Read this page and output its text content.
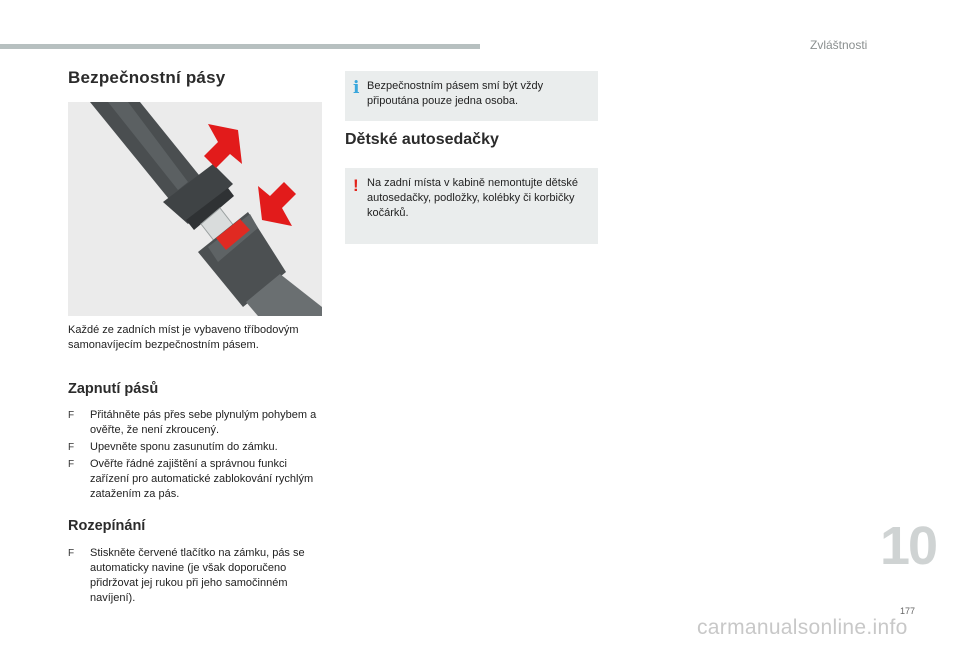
Zvláštnosti
Bezpečnostní pásy

Každé ze zadních míst je vybaveno tříbodovým samonavíjecím bezpečnostním pásem.

Zapnutí pásů
F Přitáhněte pás přes sebe plynulým pohybem a ověřte, že není zkroucený.
F Upevněte sponu zasunutím do zámku.
F Ověřte řádné zajištění a správnou funkci zařízení pro automatické zablokování rychlým zatažením za pás.
Rozepínání
F Stiskněte červené tlačítko na zámku, pás se automaticky navine (je však doporučeno přidržovat jej rukou při jeho samočinném navíjení).
i Bezpečnostním pásem smí být vždy připoutána pouze jedna osoba.
Dětské autosedačky
! Na zadní místa v kabině nemontujte dětské autosedačky, podložky, kolébky či korbičky kočárků.
10
177
carmanualsonline.info
